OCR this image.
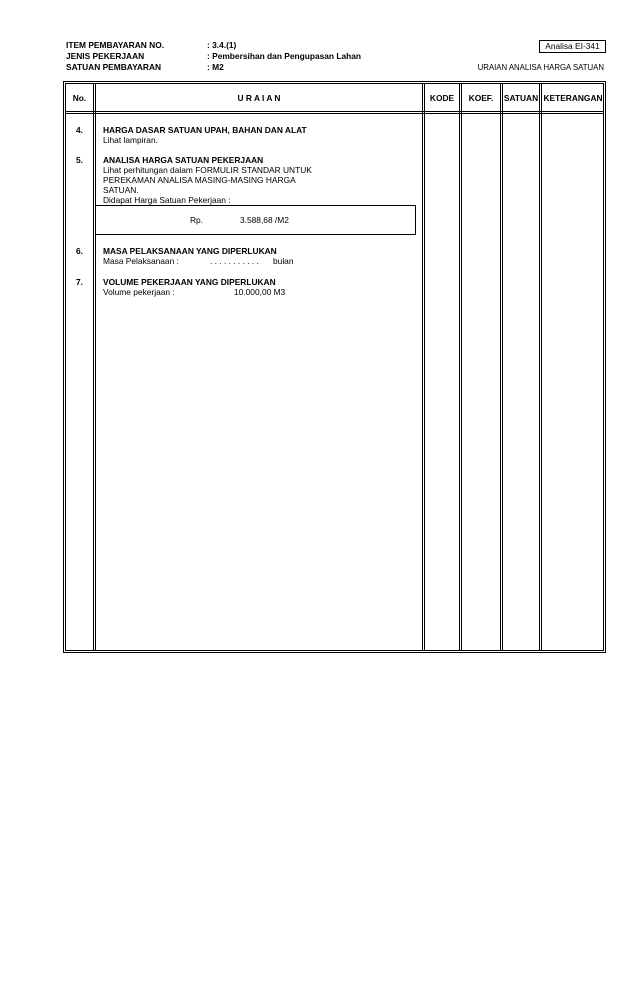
ITEM PEMBAYARAN NO.	: 3.4.(1)
JENIS PEKERJAAN	: Pembersihan dan Pengupasan Lahan
SATUAN PEMBAYARAN	: M2
Analisa EI-341
URAIAN ANALISA HARGA SATUAN
No.	U R A I A N	KODE	KOEF.	SATUAN KETERANGAN
4. HARGA DASAR SATUAN UPAH, BAHAN DAN ALAT
Lihat lampiran.
5. ANALISA HARGA SATUAN PEKERJAAN
Lihat perhitungan dalam FORMULIR STANDAR UNTUK
PEREKAMAN ANALISA MASING-MASING HARGA
SATUAN.
Didapat Harga Satuan Pekerjaan :
Rp.	3.588,68 /M2
6. MASA PELAKSANAAN YANG DIPERLUKAN
Masa Pelaksanaan :	. . . . . . . . . . . bulan
7. VOLUME PEKERJAAN YANG DIPERLUKAN
Volume pekerjaan :	10.000,00 M3
